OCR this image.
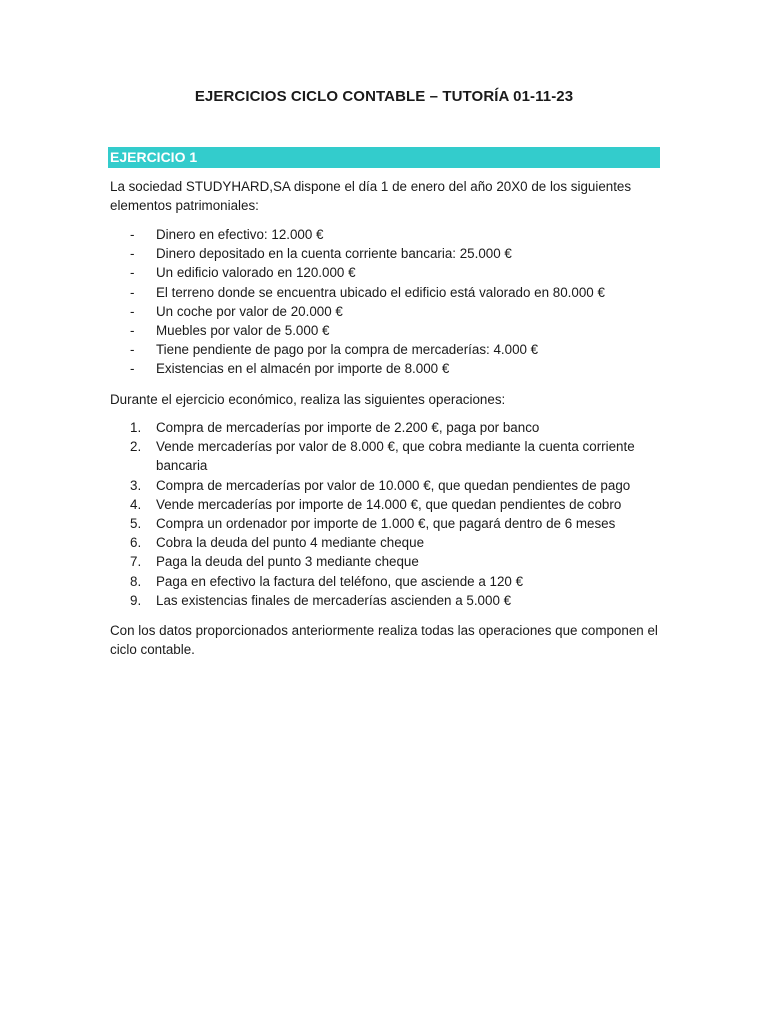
EJERCICIOS CICLO CONTABLE – TUTORÍA 01-11-23
EJERCICIO 1
La sociedad STUDYHARD,SA dispone el día 1 de enero del año 20X0 de los siguientes elementos patrimoniales:
- Dinero en efectivo: 12.000 €
- Dinero depositado en la cuenta corriente bancaria: 25.000 €
- Un edificio valorado en 120.000 €
- El terreno donde se encuentra ubicado el edificio está valorado en 80.000 €
- Un coche por valor de 20.000 €
- Muebles por valor de 5.000 €
- Tiene pendiente de pago por la compra de mercaderías: 4.000 €
- Existencias en el almacén por importe de 8.000 €
Durante el ejercicio económico, realiza las siguientes operaciones:
1. Compra de mercaderías por importe de 2.200 €, paga por banco
2. Vende mercaderías por valor de 8.000 €, que cobra mediante la cuenta corriente bancaria
3. Compra de mercaderías por valor de 10.000 €, que quedan pendientes de pago
4. Vende mercaderías por importe de 14.000 €, que quedan pendientes de cobro
5. Compra un ordenador por importe de 1.000 €, que pagará dentro de 6 meses
6. Cobra la deuda del punto 4 mediante cheque
7. Paga la deuda del punto 3 mediante cheque
8. Paga en efectivo la factura del teléfono, que asciende a 120 €
9. Las existencias finales de mercaderías ascienden a 5.000 €
Con los datos proporcionados anteriormente realiza todas las operaciones que componen el ciclo contable.
